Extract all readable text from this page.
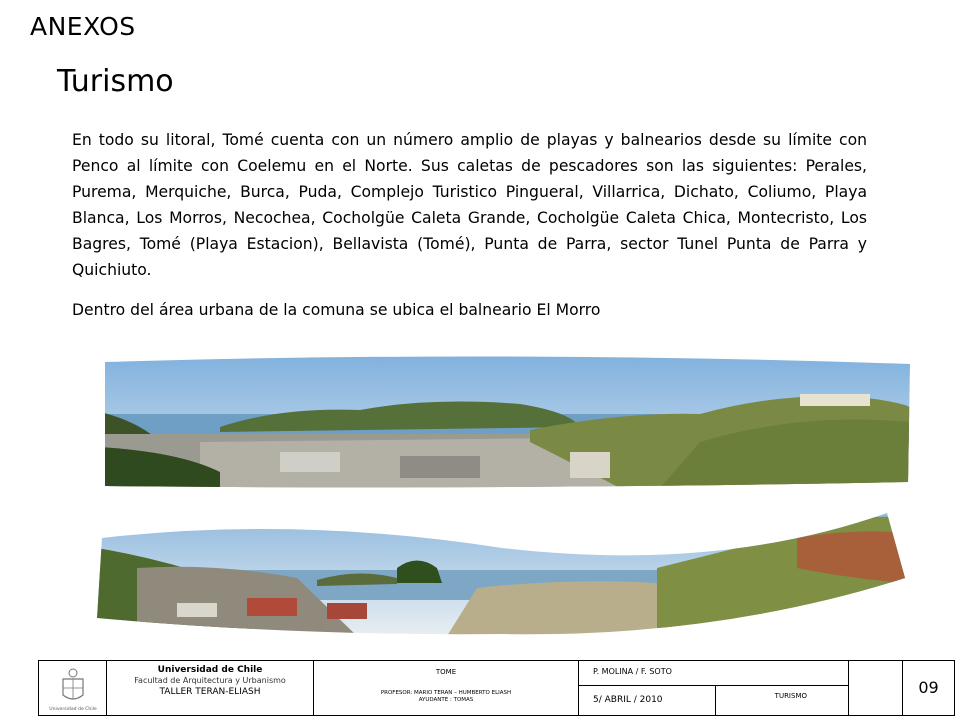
ANEXOS
Turismo

En todo su litoral, Tomé cuenta con un número amplio de playas y balnearios desde su límite con Penco al límite con Coelemu en el Norte. Sus caletas de pescadores son las siguientes: Perales, Purema, Merquiche, Burca, Puda, Complejo Turistico Pingueral, Villarrica, Dichato, Coliumo, Playa Blanca, Los Morros, Necochea, Cocholgüe Caleta Grande, Cocholgüe Caleta Chica, Montecristo, Los Bagres, Tomé (Playa Estacion), Bellavista (Tomé), Punta de Parra, sector Tunel Punta de Parra y Quichiuto.

Dentro del área urbana de la comuna se ubica el balneario El Morro

Universidad de Chile
Universidad de Chile
Facultad de Arquitectura y Urbanismo
TALLER TERAN-ELIASH
TOME
PROFESOR: MARIO TERAN – HUMBERTO ELIASH
AYUDANTE : TOMAS
P. MOLINA / F. SOTO
5/ ABRIL / 2010	TURISMO	09
